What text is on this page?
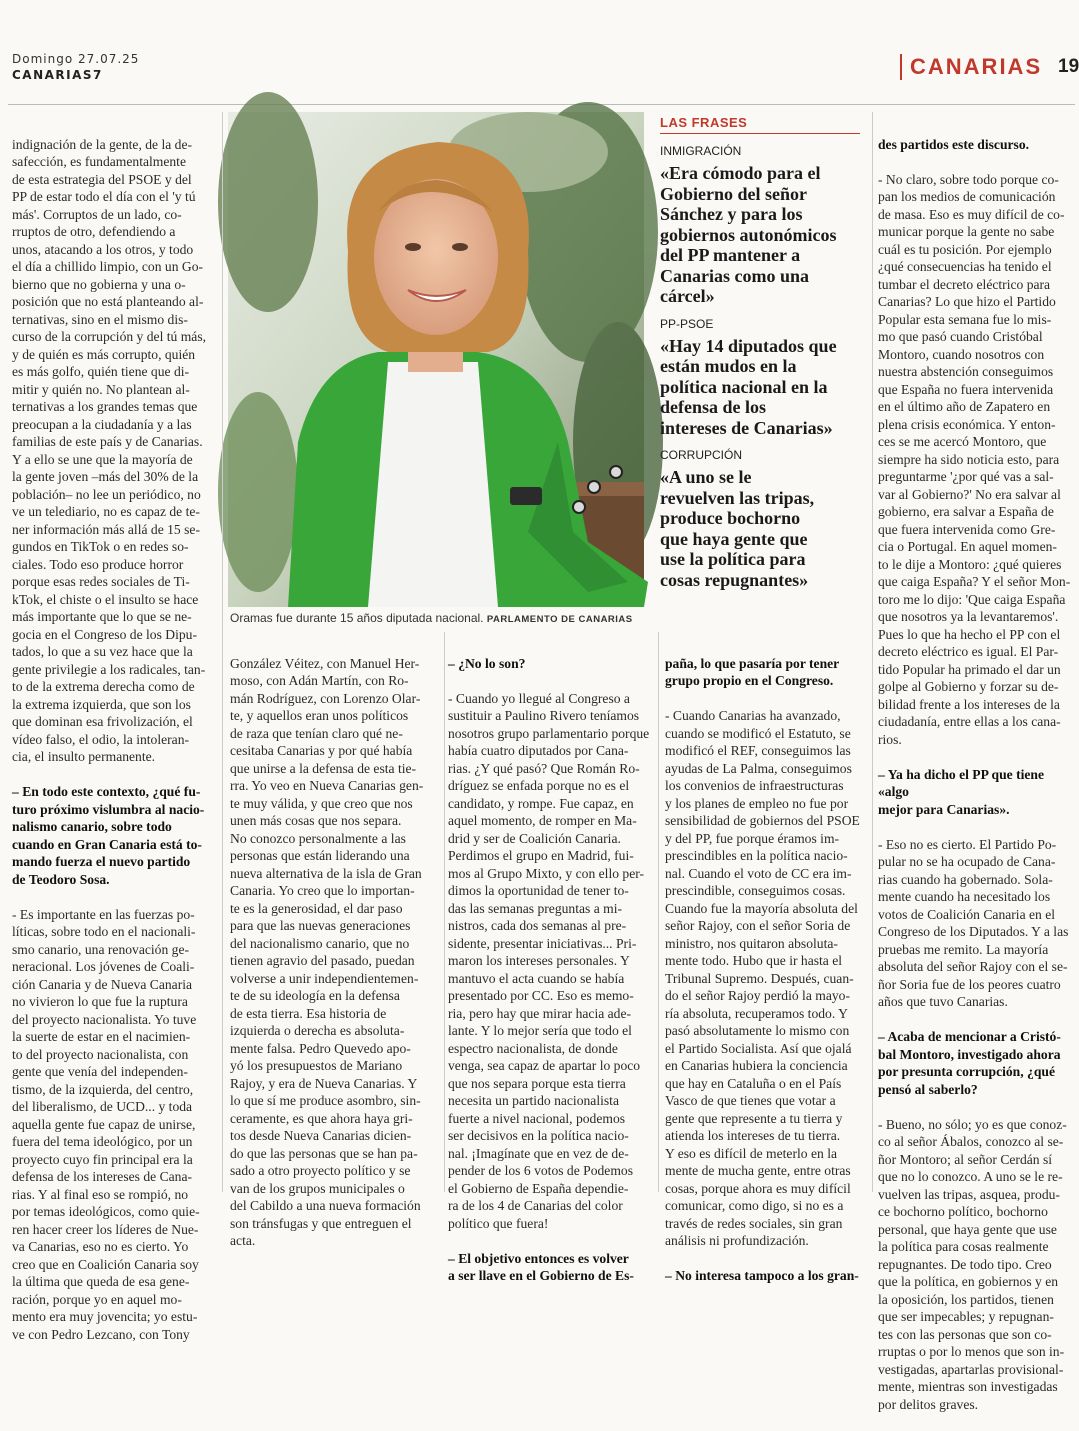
Domingo 27.07.25
CANARIAS7	CANARIAS 19

indignación de la gente, de la de-
safección, es fundamentalmente
de esta estrategia del PSOE y del
PP de estar todo el día con el 'y tú
más'. Corruptos de un lado, co-
rruptos de otro, defendiendo a
unos, atacando a los otros, y todo
el día a chillido limpio, con un Go-
bierno que no gobierna y una o-
posición que no está planteando al-
ternativas, sino en el mismo dis-
curso de la corrupción y del tú más,
y de quién es más corrupto, quién
es más golfo, quién tiene que di-
mitir y quién no. No plantean al-
ternativas a los grandes temas que
preocupan a la ciudadanía y a las
familias de este país y de Canarias.
Y a ello se une que la mayoría de
la gente joven –más del 30% de la
población– no lee un periódico, no
ve un telediario, no es capaz de te-
ner información más allá de 15 se-
gundos en TikTok o en redes so-
ciales. Todo eso produce horror
porque esas redes sociales de Ti-
kTok, el chiste o el insulto se hace
más importante que lo que se ne-
gocia en el Congreso de los Dipu-
tados, lo que a su vez hace que la
gente privilegie a los radicales, tan-
to de la extrema derecha como de
la extrema izquierda, que son los
que dominan esa frivolización, el
vídeo falso, el odio, la intoleran-
cia, el insulto permanente.

– En todo este contexto, ¿qué fu-
turo próximo vislumbra al nacio-
nalismo canario, sobre todo
cuando en Gran Canaria está to-
mando fuerza el nuevo partido
de Teodoro Sosa.

- Es importante en las fuerzas po-
líticas, sobre todo en el nacionali-
smo canario, una renovación ge-
neracional. Los jóvenes de Coali-
ción Canaria y de Nueva Canaria
no vivieron lo que fue la ruptura
del proyecto nacionalista. Yo tuve
la suerte de estar en el nacimien-
to del proyecto nacionalista, con
gente que venía del independen-
tismo, de la izquierda, del centro,
del liberalismo, de UCD... y toda
aquella gente fue capaz de unirse,
fuera del tema ideológico, por un
proyecto cuyo fin principal era la
defensa de los intereses de Cana-
rias. Y al final eso se rompió, no
por temas ideológicos, como quie-
ren hacer creer los líderes de Nue-
va Canarias, eso no es cierto. Yo
creo que en Coalición Canaria soy
la última que queda de esa gene-
ración, porque yo en aquel mo-
mento era muy jovencita; yo estu-
ve con Pedro Lezcano, con Tony

Oramas fue durante 15 años diputada nacional. PARLAMENTO DE CANARIAS
LAS FRASES
INMIGRACIÓN
«Era cómodo para el
Gobierno del señor
Sánchez y para los
gobiernos autonómicos
del PP mantener a
Canarias como una
cárcel»
PP-PSOE
«Hay 14 diputados que
están mudos en la
política nacional en la
defensa de los
intereses de Canarias»
CORRUPCIÓN
«A uno se le
revuelven las tripas,
produce bochorno
que haya gente que
use la política para
cosas repugnantes»

González Véitez, con Manuel Her-
moso, con Adán Martín, con Ro-
mán Rodríguez, con Lorenzo Olar-
te, y aquellos eran unos políticos
de raza que tenían claro qué ne-
cesitaba Canarias y por qué había
que unirse a la defensa de esta tie-
rra. Yo veo en Nueva Canarias gen-
te muy válida, y que creo que nos
unen más cosas que nos separa.
No conozco personalmente a las
personas que están liderando una
nueva alternativa de la isla de Gran
Canaria. Yo creo que lo importan-
te es la generosidad, el dar paso
para que las nuevas generaciones
del nacionalismo canario, que no
tienen agravio del pasado, puedan
volverse a unir independientemen-
te de su ideología en la defensa
de esta tierra. Esa historia de
izquierda o derecha es absoluta-
mente falsa. Pedro Quevedo apo-
yó los presupuestos de Mariano
Rajoy, y era de Nueva Canarias. Y
lo que sí me produce asombro, sin-
ceramente, es que ahora haya gri-
tos desde Nueva Canarias dicien-
do que las personas que se han pa-
sado a otro proyecto político y se
van de los grupos municipales o
del Cabildo a una nueva formación
son tránsfugas y que entreguen el
acta.

– ¿No lo son?

- Cuando yo llegué al Congreso a
sustituir a Paulino Rivero teníamos
nosotros grupo parlamentario porque
había cuatro diputados por Cana-
rias. ¿Y qué pasó? Que Román Ro-
dríguez se enfada porque no es el
candidato, y rompe. Fue capaz, en
aquel momento, de romper en Ma-
drid y ser de Coalición Canaria.
Perdimos el grupo en Madrid, fui-
mos al Grupo Mixto, y con ello per-
dimos la oportunidad de tener to-
das las semanas preguntas a mi-
nistros, cada dos semanas al pre-
sidente, presentar iniciativas... Pri-
maron los intereses personales. Y
mantuvo el acta cuando se había
presentado por CC. Eso es memo-
ria, pero hay que mirar hacia ade-
lante. Y lo mejor sería que todo el
espectro nacionalista, de donde
venga, sea capaz de apartar lo poco
que nos separa porque esta tierra
necesita un partido nacionalista
fuerte a nivel nacional, podemos
ser decisivos en la política nacio-
nal. ¡Imagínate que en vez de de-
pender de los 6 votos de Podemos
el Gobierno de España dependie-
ra de los 4 de Canarias del color
político que fuera!

– El objetivo entonces es volver
a ser llave en el Gobierno de Es-

paña, lo que pasaría por tener
grupo propio en el Congreso.

- Cuando Canarias ha avanzado,
cuando se modificó el Estatuto, se
modificó el REF, conseguimos las
ayudas de La Palma, conseguimos
los convenios de infraestructuras
y los planes de empleo no fue por
sensibilidad de gobiernos del PSOE
y del PP, fue porque éramos im-
prescindibles en la política nacio-
nal. Cuando el voto de CC era im-
prescindible, conseguimos cosas.
Cuando fue la mayoría absoluta del
señor Rajoy, con el señor Soria de
ministro, nos quitaron absoluta-
mente todo. Hubo que ir hasta el
Tribunal Supremo. Después, cuan-
do el señor Rajoy perdió la mayo-
ría absoluta, recuperamos todo. Y
pasó absolutamente lo mismo con
el Partido Socialista. Así que ojalá
en Canarias hubiera la conciencia
que hay en Cataluña o en el País
Vasco de que tienes que votar a
gente que represente a tu tierra y
atienda los intereses de tu tierra.
Y eso es difícil de meterlo en la
mente de mucha gente, entre otras
cosas, porque ahora es muy difícil
comunicar, como digo, si no es a
través de redes sociales, sin gran
análisis ni profundización.

– No interesa tampoco a los gran-

des partidos este discurso.

- No claro, sobre todo porque co-
pan los medios de comunicación
de masa. Eso es muy difícil de co-
municar porque la gente no sabe
cuál es tu posición. Por ejemplo
¿qué consecuencias ha tenido el
tumbar el decreto eléctrico para
Canarias? Lo que hizo el Partido
Popular esta semana fue lo mis-
mo que pasó cuando Cristóbal
Montoro, cuando nosotros con
nuestra abstención conseguimos
que España no fuera intervenida
en el último año de Zapatero en
plena crisis económica. Y enton-
ces se me acercó Montoro, que
siempre ha sido noticia esto, para
preguntarme '¿por qué vas a sal-
var al Gobierno?' No era salvar al
gobierno, era salvar a España de
que fuera intervenida como Gre-
cia o Portugal. En aquel momen-
to le dije a Montoro: ¿qué quieres
que caiga España? Y el señor Mon-
toro me lo dijo: 'Que caiga España
que nosotros ya la levantaremos'.
Pues lo que ha hecho el PP con el
decreto eléctrico es igual. El Par-
tido Popular ha primado el dar un
golpe al Gobierno y forzar su de-
bilidad frente a los intereses de la
ciudadanía, entre ellas a los cana-
rios.

– Ya ha dicho el PP que tiene «algo
mejor para Canarias».

- Eso no es cierto. El Partido Po-
pular no se ha ocupado de Cana-
rias cuando ha gobernado. Sola-
mente cuando ha necesitado los
votos de Coalición Canaria en el
Congreso de los Diputados. Y a las
pruebas me remito. La mayoría
absoluta del señor Rajoy con el se-
ñor Soria fue de los peores cuatro
años que tuvo Canarias.

– Acaba de mencionar a Cristó-
bal Montoro, investigado ahora
por presunta corrupción, ¿qué
pensó al saberlo?

- Bueno, no sólo; yo es que conoz-
co al señor Ábalos, conozco al se-
ñor Montoro; al señor Cerdán sí
que no lo conozco. A uno se le re-
vuelven las tripas, asquea, produ-
ce bochorno político, bochorno
personal, que haya gente que use
la política para cosas realmente
repugnantes. De todo tipo. Creo
que la política, en gobiernos y en
la oposición, los partidos, tienen
que ser impecables; y repugnan-
tes con las personas que son co-
rruptas o por lo menos que son in-
vestigadas, apartarlas provisional-
mente, mientras son investigadas
por delitos graves.
